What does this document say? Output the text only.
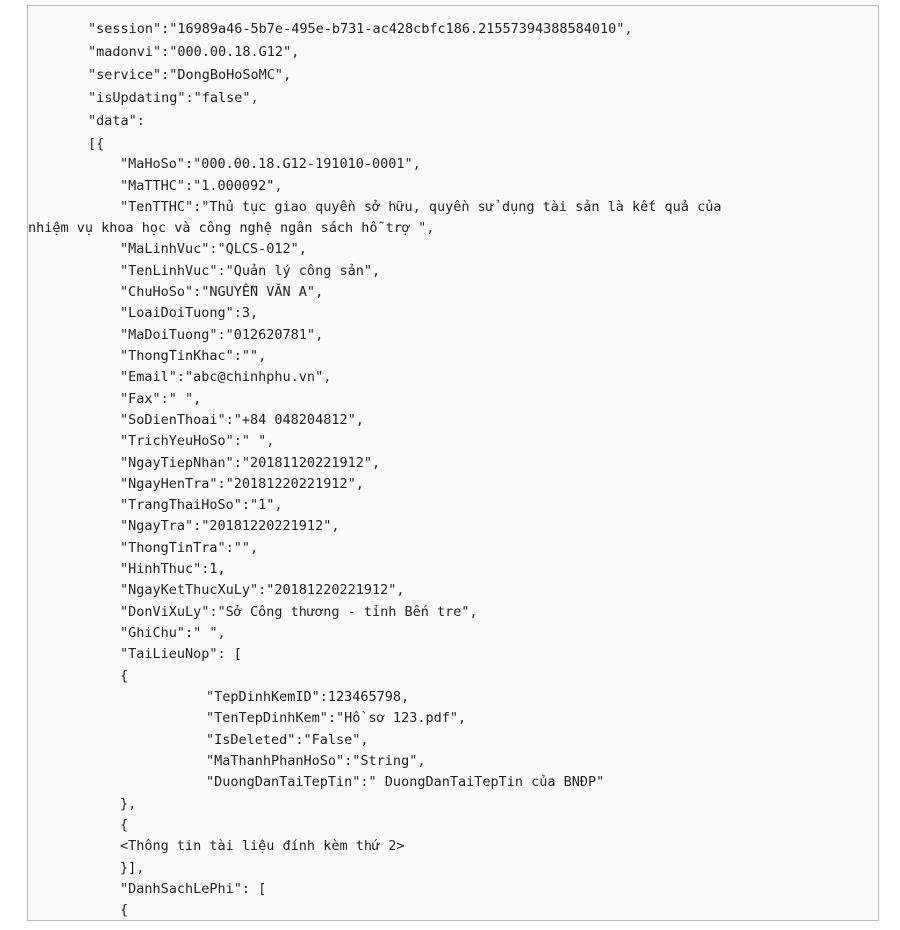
"session":"16989a46-5b7e-495e-b731-ac428cbfc186.21557394388584010",
"madonvi":"000.00.18.G12",
"service":"DongBoHoSoMC",
"isUpdating":"false",
"data":
[{
"MaHoSo":"000.00.18.G12-191010-0001",
"MaTTHC":"1.000092",
"TenTTHC":"Thủ tục giao quyền sở hữu, quyền sử dụng tài sản là kết quả của
nhiệm vụ khoa học và công nghệ ngân sách hỗ trợ ",
"MaLinhVuc":"QLCS-012",
"TenLinhVuc":"Quản lý công sản",
"ChuHoSo":"NGUYỄN VĂN A",
"LoaiDoiTuong":3,
"MaDoiTuong":"012620781",
"ThongTinKhac":"",
"Email":"abc@chinhphu.vn",
"Fax":" ",
"SoDienThoai":"+84 048204812",
"TrichYeuHoSo":" ",
"NgayTiepNhan":"20181120221912",
"NgayHenTra":"20181220221912",
"TrangThaiHoSo":"1",
"NgayTra":"20181220221912",
"ThongTinTra":"",
"HinhThuc":1,
"NgayKetThucXuLy":"20181220221912",
"DonViXuLy":"Sở Công thương - tỉnh Bến tre",
"GhiChu":" ",
"TaiLieuNop": [
{
"TepDinhKemID":123465798,
"TenTepDinhKem":"Hồ sơ 123.pdf",
"IsDeleted":"False",
"MaThanhPhanHoSo":"String",
"DuongDanTaiTepTin":" DuongDanTaiTepTin của BNĐP"
},
{
<Thông tin tài liệu đính kèm thứ 2>
}],
"DanhSachLePhi": [
{
